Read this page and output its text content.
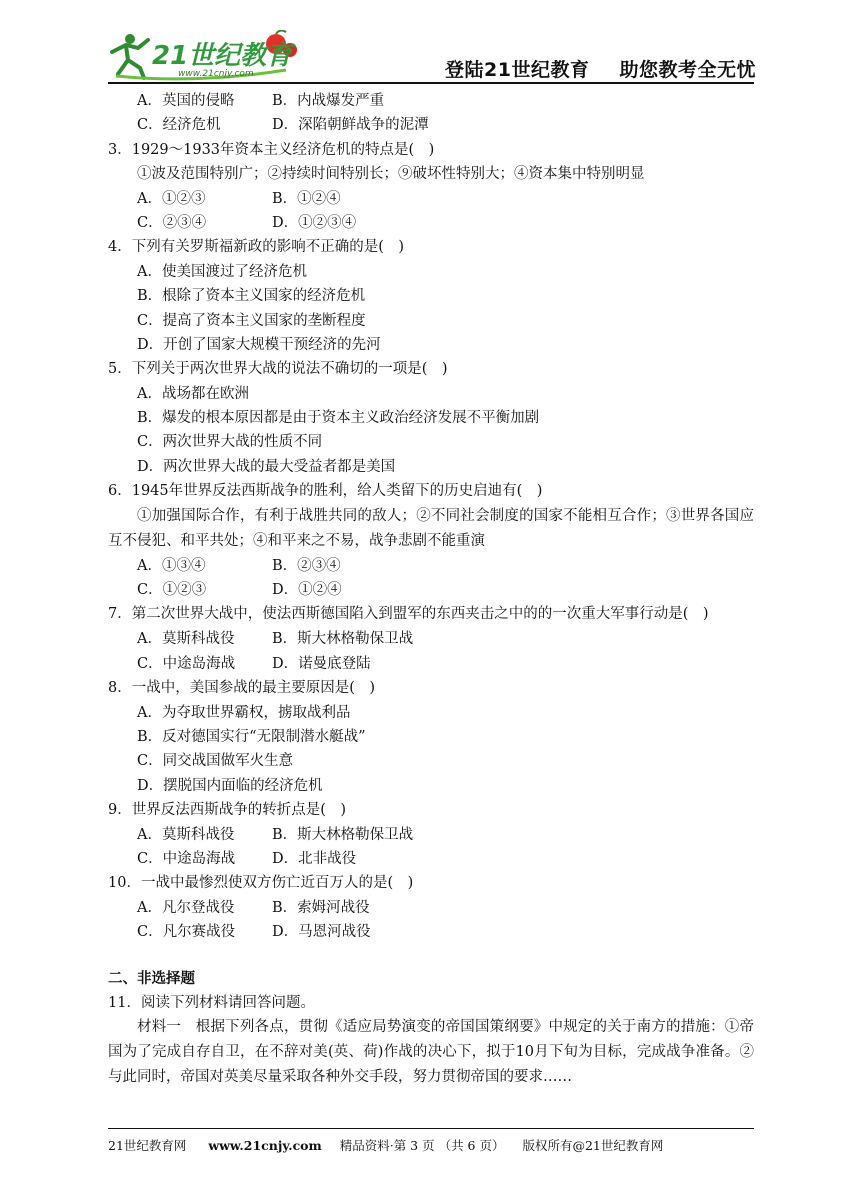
21世纪教育
www.21cnjy.com	登陆21世纪教育 助您教考全无忧
A．英国的侵略	B．内战爆发严重
C．经济危机	D．深陷朝鲜战争的泥潭
3．1929～1933年资本主义经济危机的特点是(　)
①波及范围特别广；②持续时间特别长；⑨破坏性特别大；④资本集中特别明显
A．①②③	B．①②④
C．②③④	D．①②③④
4．下列有关罗斯福新政的影响不正确的是(　)
A．使美国渡过了经济危机
B．根除了资本主义国家的经济危机
C．提高了资本主义国家的垄断程度
D．开创了国家大规模干预经济的先河
5．下列关于两次世界大战的说法不确切的一项是(　)
A．战场都在欧洲
B．爆发的根本原因都是由于资本主义政治经济发展不平衡加剧
C．两次世界大战的性质不同
D．两次世界大战的最大受益者都是美国
6．1945年世界反法西斯战争的胜利，给人类留下的历史启迪有(　)
①加强国际合作，有利于战胜共同的敌人；②不同社会制度的国家不能相互合作；③世界各国应互不侵犯、和平共处；④和平来之不易，战争悲剧不能重演
A．①③④	B．②③④
C．①②③	D．①②④
7．第二次世界大战中，使法西斯德国陷入到盟军的东西夹击之中的的一次重大军事行动是(　)
A．莫斯科战役	B．斯大林格勒保卫战
C．中途岛海战	D．诺曼底登陆
8．一战中，美国参战的最主要原因是(　)
A．为夺取世界霸权，掳取战利品
B．反对德国实行“无限制潜水艇战”
C．同交战国做军火生意
D．摆脱国内面临的经济危机
9．世界反法西斯战争的转折点是(　)
A．莫斯科战役	B．斯大林格勒保卫战
C．中途岛海战	D．北非战役
10．一战中最惨烈使双方伤亡近百万人的是(　)
A．凡尔登战役	B．索姆河战役
C．凡尔赛战役	D．马恩河战役
二、非选择题
11．阅读下列材料请回答问题。
材料一　根据下列各点，贯彻《适应局势演变的帝国国策纲要》中规定的关于南方的措施：①帝国为了完成自存自卫，在不辞对美(英、荷)作战的决心下，拟于10月下旬为目标，完成战争准备。②与此同时，帝国对英美尽量采取各种外交手段，努力贯彻帝国的要求……
21世纪教育网 www.21cnjy.com 精品资料·第 3 页 （共 6 页） 版权所有@21世纪教育网
